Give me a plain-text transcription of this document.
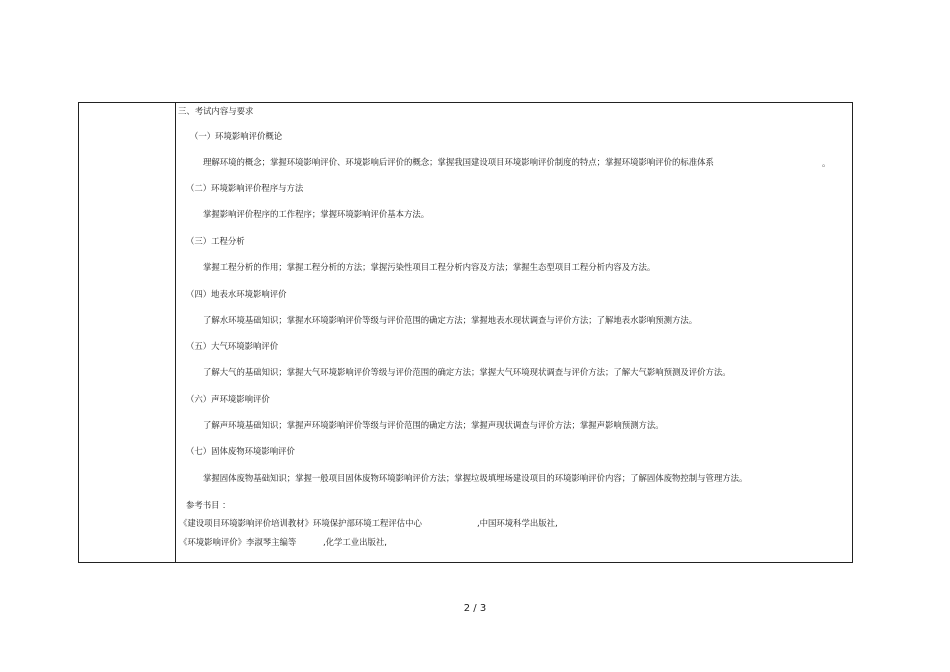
三、考试内容与要求
（一）环境影响评价概论
理解环境的概念；掌握环境影响评价、环境影响后评价的概念；掌握我国建设项目环境影响评价制度的特点；掌握环境影响评价的标准体系	。
（二）环境影响评价程序与方法
掌握影响评价程序的工作程序；掌握环境影响评价基本方法。
（三）工程分析
掌握工程分析的作用；掌握工程分析的方法；掌握污染性项目工程分析内容及方法；掌握生态型项目工程分析内容及方法。
（四）地表水环境影响评价
了解水环境基础知识；掌握水环境影响评价等级与评价范围的确定方法；掌握地表水现状调查与评价方法；了解地表水影响预测方法。
（五）大气环境影响评价
了解大气的基础知识；掌握大气环境影响评价等级与评价范围的确定方法；掌握大气环境现状调查与评价方法；了解大气影响预测及评价方法。
（六）声环境影响评价
了解声环境基础知识；掌握声环境影响评价等级与评价范围的确定方法；掌握声现状调查与评价方法；掌握声影响预测方法。
（七）固体废物环境影响评价
掌握固体废物基础知识；掌握一般项目固体废物环境影响评价方法；掌握垃圾填埋场建设项目的环境影响评价内容；了解固体废物控制与管理方法。
参考书目 ：
《建设项目环境影响评价培训教材》环境保护部环境工程评估中心	,中国环境科学出版社,
《环境影响评价》李淑琴主编等	,化学工业出版社,
2 / 3
